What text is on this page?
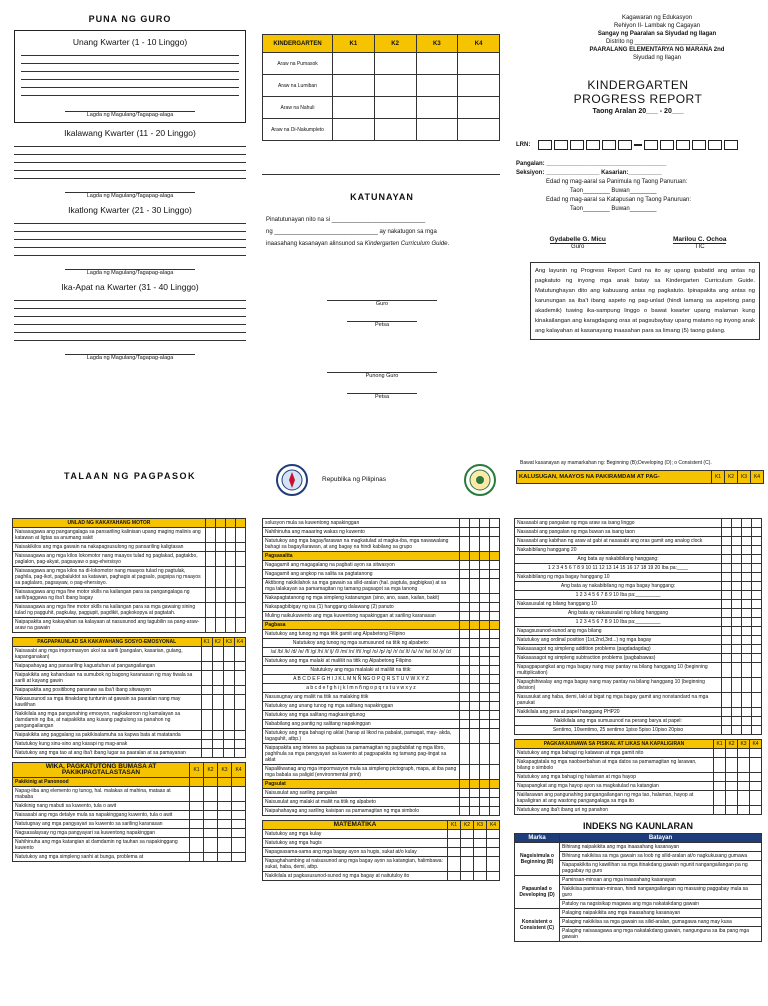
PUNA NG GURO
Unang Kwarter (1 - 10 Linggo)
Lagda ng Magulang/Tagapag-alaga
Ikalawang Kwarter (11 - 20 Linggo)
Lagda ng Magulang/Tagapag-alaga
Ikatlong Kwarter (21 - 30 Linggo)
Lagda ng Magulang/Tagapag-alaga
Ika-Apat na Kwarter (31 - 40 Linggo)
Lagda ng Magulang/Tagapag-alaga
TALAAN NG PAGPASOK
KINDERGARTEN	K1	K2	K3	K4
Araw na Pumasok				
Araw na Lumiban				
Araw na Nahuli				
Araw na Di-Nakumpleto				
KATUNAYAN
Pinatutunayan nito na si ____________________________
ng _______________________________ ay nakatugon sa mga
inaasahang kasanayan alinsunod sa Kindergarten Curriculum Guide.
Guro
Petsa
Punong Guro
Petsa
Republika ng Pilipinas
Kagawaran ng Edukasyon
Rehiyon II- Lambak ng Cagayan
Sangay ng Paaralan sa Siyudad ng Ilagan
Distrito ng ______________________
PAARALANG ELEMENTARYA NG MARANA 2nd
Siyudad ng Ilagan
KINDERGARTEN
PROGRESS REPORT
Taong Aralan 20___ - 20___
LRN:
Pangalan: ____________________________________
Seksiyon: ________________ Kasarian:__________
Edad ng mag-aaral sa Panimula ng Taong Panuruan:
Taon________ Buwan________
Edad ng mag-aaral sa Katapusan ng Taong Panuruan:
Taon________ Buwan________
Gydabelle G. Micu
Guro
Marilou C. Ochoa
TIC
Ang layunin ng Progress Report Card na ito ay upang ipabatid ang antas ng pagkatuto ng inyong mga anak batay sa Kindergarten Curriculum Guide. Matutunghayan dito ang kabuuang antas ng pagkatuto. Ipinapakita ang antas ng karunungan sa iba't ibang aspeto ng pag-unlad (hindi lamang sa aspetong pang akademik) tuwing ika-sampung linggo o bawat kwarter upang malaman kung kinakailangan ang karagdagang oras at pagsubaybay upang matamo ng inyong anak ang kalayahan at kasanayang inaasahan para sa limang (5) taong gulang.
Bawat kasanayan ay mamarkahan ng: Beginning (B);Developing (D); o Consistent (C).
KALUSUGAN, MAAYOS NA PAKIRAMDAM AT PAG-	K1	K2	K3	K4
UNLAD NG KAKAYAHANG MOTOR				
Naisasagawa ang pangangalaga sa pansariling kalinisan upang maging malinis ang katawan at ligtas sa anumang sakit				
Naisakikilos ang mga gawain na nakapagsusulong ng pansariling kaligtasan				
Naisasagawa ang mga kilos lokomotor nang maayos tulad ng paglakad, pagtakbo, paglalon, pag-akyat, pagsayaw o pag-ehersisyo				
Naisasagawa ang mga kilos na di-lokomotor nang maayos tulad ng pagtulak, paghila, pag-ikot, pagbaluktot sa katawan, paghagis at pagsalo, pagsipa ng maayos sa paglalaro, pagsayaw, o pag-ehersisyo.				
Naisasagawa ang mga fine motor skills na kailangan para sa pangangalaga ng sarili/paggawa ng iba't ibang bagay				
Naisasagawa ang mga fine motor skills na kailangan para sa mga gawaing sining tulad ng pagguhit, pagkulay, paggupit, pagdikit, pagkokopya at pagtatah.				
Naipapakita ang kakayahan sa kalayaan at nasusunod ang tagubilin sa pang-araw-araw na gawain				
PAGPAPAUNLAD SA KAKAYAHANG SOSYO-EMOSYONAL	K1	K2	K3	K4
Naisasabi ang mga impormasyon ukol sa sarili (pangalan, kasarian, gulang, kapanganakan)				
Naipapahayag ang pansariling kagustuhan at pangangailangan				
Naipakikita ang kahandaan na sumubok ng bagong karanasan ng may tiwala sa sarili at kayang gawin				
Naipapakita ang positibong pananaw sa iba't ibang sitwasyon				
Nakasusunod sa mga itinakdang tuntunin at gawain sa paaralan nang may kawilihan				
Nakikilala ang mga pangunahing emosyon, nagkakaroon ng kamalayan sa damdamin ng iba, at naipakikita ang kusang pagtulong sa panahon ng pangangailangan				
Naipakikita ang paggalang sa pakikisalamuha sa kapwa bata at matatanda				
Natutukoy kung sinu-sino ang kasapi ng mag-anak				
Natutukoy ang mga tao at ang iba't ibang lugar sa paaralan at sa pamayanan				
WIKA, PAGKATUTONG BUMASA AT PAKIKIPAGTALASTASAN	K1	K2	K3	K4
Pakikinig at Panonood				
Napag-iiba ang elemento ng tunog, hal. malakas at mahina, mataas at mababa				
Nakikinig nang mabuti sa kuwento, tula o awit				
Naisasabi ang mga detalye mula sa napakinggang kuwento, tula o awit				
Natutugnay ang mga pangyayari sa kuwento sa sariling karanasan				
Nagsasalaysay ng mga pangyayari sa kuwentong napakinggan				
Nahihinuha ang mga katangian at damdamin ng tauhan sa napakinggang kuwento				
Natutukoy ang mga simpleng sanhi at bunga, problema at				
solusyon mula sa kuwentong napakinggan				
Nahihinuha ang maaaring wakas ng kuwento				
Natutukoy ang mga bagay/larawan na magkatulad at magka-iba, mga nawawalang bahagi sa bagay/larawan, at ang bagay na hindi kabilang sa grupo				
Pagsasalita				
Nagagamit ang magagalang na pagbati ayon sa sitwasyon				
Nagagamit ang angkop na salita sa pagtatanong				
Aktibong nakikilahok sa mga gawain sa silid-aralan (hal. pagtula, pagbigkas) at sa mga talakayan sa pamamagitan ng tamang pagsagot sa mga tanong				
Nakapagtatanong ng mga simpleng katanungan (sino, ano, saan, kailan, bakit)				
Nakapagbibigay ng isa (1) hanggang dalawang (2) panuto				
Muling naikukuwento ang mga kuwentong napakinggan at sariling karanasan				
Pagbasa				
Natutukoy ang tunog ng mga titik gamit ang Alpabetong Filipino				
Natutukoy ang tunog ng mga sumusunod na titik ng alpabeto:				
/a/ /b/ /k/ /d/ /e/ /f/ /g/ /h/ /i/ /j/ /l/ /m/ /n/ /ñ/ /ng/ /o/ /p/ /q/ /r/ /s/ /t/ /u/ /v/ /w/ /x/ /y/ /z/				
Natutukoy ang mga malaki at maliliit na titik ng Alpabetong Filipino				
Natutukoy ang mga malalaki at maliliit na titik:				
A B C D E F G H I J K L M N Ñ NG O P Q R S T U V W X Y Z				
a b c d e f g h i j k l m n ñ ng o p q r s t u v w x y z				
Nasusugnay ang maliit na titik sa malaking titik				
Natutukoy ang unang tunog ng mga salitang napakinggan				
Natutukoy ang mga salitang magkasingtunog				
Nababilang ang pantig ng salitang napakinggan				
Natutukoy ang mga bahagi ng aklat (harap at likod na pabalat, pamagat, may- akda, tagaguhit, atbp.)				
Naipapakita ang interes sa pagbasa sa pamamagitan ng pagbubilat ng mga libro, paghihula sa mga pangyayari sa kuwento at pagpapakita ng tamang pag-iingat sa aklat				
Napaliliwanag ang mga impormasyon mula sa simpleng pictograph, mapa, at iba pang mga babala sa paligid (environmental print)				
Pagsulat				
Naisusulat ang sariling pangalan				
Naisusulat ang malaki at maliit na titik ng alpabeto				
Naipahahayag ang sariling kaisipan sa pamamagitan ng mga simbolo				
MATEMATIKA	K1	K2	K3	K4
Natutukoy ang mga kulay				
Natutukoy ang mga hugis				
Napagsasama-sama ang mga bagay ayon sa hugis, sukat at/o kulay				
Napaghahambing at naisusunod ang mga bagay ayon sa katangian, halimbawa: sukat, haba, demi, atbp.				
Nakikilala at pagkasusunod-sunod ng mga bagay at naitutuloy ito				
Nasasabi ang pangalan ng mga araw sa isang linggo				
Nasasabi ang pangalan ng mga buwan sa isang taon				
Nasasabi ang kabihan ng araw at gabi at nasasabi ang oras gamit ang analog clock				
Nakabibilang hanggang 20				
Ang bata ay nakabibilang hanggang:				
1 2 3 4 5 6 7 8 9 10 11 12 13 14 15 16 17 18 19 20 Iba pa:____				
Nakabibilang ng mga bagay hanggang 10				
Ang bata ay nakabibilang ng mga bagay hanggang:				
1 2 3 4 5 6 7 8 9 10 Iba pa:_________				
Nakasusulat ng bilang hanggang 10				
Ang bata ay nakasusulat ng bilang hanggang				
1 2 3 4 5 6 7 8 9 10 Iba pa:_________				
Napagsusunod-sunod ang mga bilang				
Natutukoy ang ordinal position (1st,2nd,3rd...) ng mga bagay				
Nakasasagot ng simpleng addition problems (pagdadagdag)				
Nakasasagot ng simpleng subtraction problems (pagbabawas)				
Napagpapangkat ang mga bagay nang may pantay na bilang hanggang 10 (beginning multiplication)				
Napaghihiwalay ang mga bagay nang may pantay na bilang hanggang 10 (beginning division)				
Nasusukat ang haba, demi, laki at bigat ng mga bagay gamit ang nonstandard na mga panukat				
Nakikilala ang pera at papel hanggang PHP20				
Nakikilala ang mga sumusunod na perang barya at papel:				
Sentimo, 10sentimo, 25 sentimo 1piso 5piso 10piso 20piso				
PAGKAKAUNAWA SA PISIKAL AT LIKAS NA KAPALIGIRAN	K1	K2	K3	K4
Natutukoy ang mga bahagi ng katawan at mga gamit nito				
Nakapagtatala ng mga naobserbahan at mga datos sa pamamagitan ng larawan, bilang o simbolo				
Natutukoy ang mga bahagi ng halaman at mga hayop				
Napapangkat ang mga hayop ayon sa magkatulad na katangian				
Naiilarawan ang pangunahing pangangailangan ng mga tao, halaman, hayop at kapaligiran at ang wastong pangangalaga sa mga ito				
Natutukoy ang iba't ibang uri ng panahon				
INDEKS NG KAUNLARAN
Marka	Batayan
Nagsisimula o Beginning (B)	Bihirang naipakikita ang mga inaasahang kasanayan
	Bihirang nakikiisa sa mga gawain sa loob ng silid-aralan at/o nagkukusang gumawa
	Napapakikita ng kawilihan sa mga itinakdang gawain ngunit nangangailangan pa ng paggabay ng guro
Papaunlad o Developing (D)	Paminsan-minsan ang mga inaasahang kasanayan
	Nakikiisa paminsan-minsan, hindi nangangailangan ng masusing paggabay mula sa guro
	Patuloy na nagsisikap magawa ang mga nakatakdang gawain
Konsistent o Consistent (C)	Palaging naipakikita ang mga inaasahang kasanayan
	Palaging nakikiisa sa mga gawain sa silid-aralan, gumagawa nang may kusa
	Palaging naisasagawa ang mga nakatakdang gawain, nangunguna sa iba pang mga gawain
